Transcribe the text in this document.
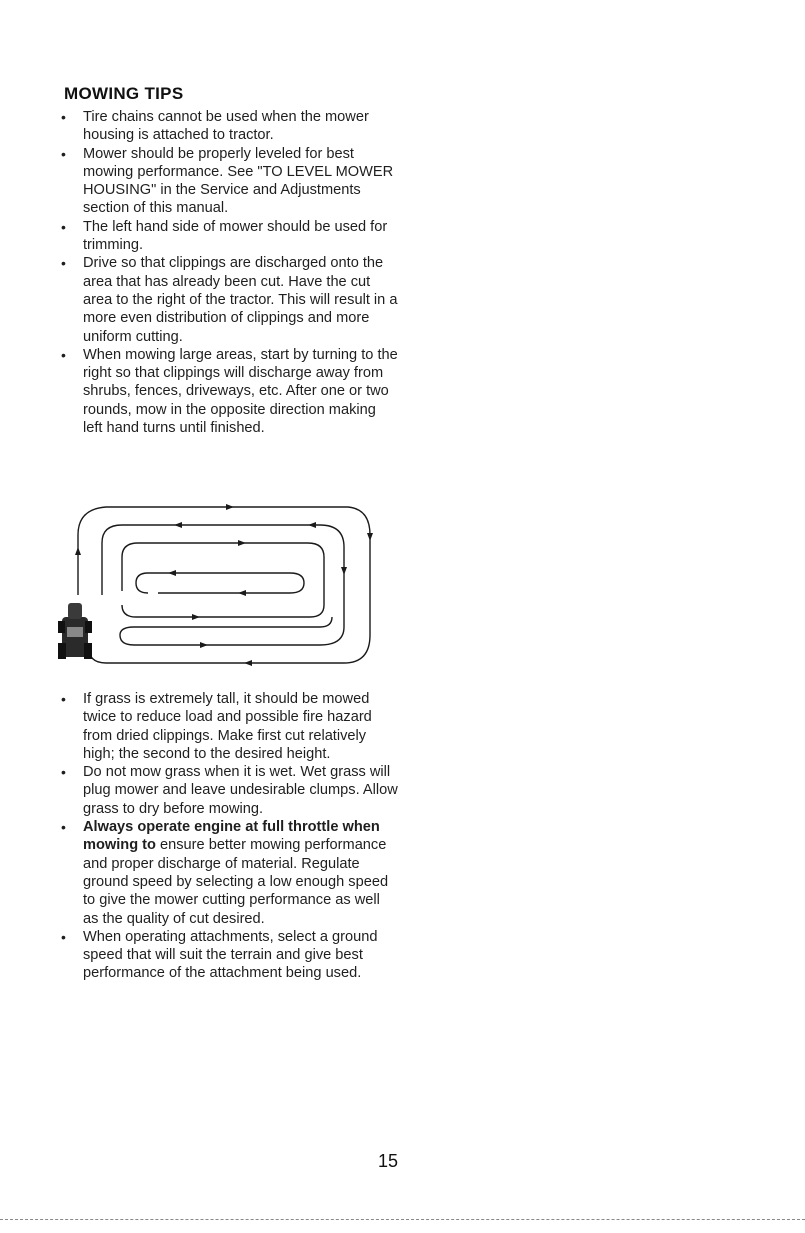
MOWING TIPS
• Tire chains cannot be used when the mower housing is attached to tractor.
• Mower should be properly leveled for best mowing performance. See "TO LEVEL MOWER HOUSING" in the Service and Adjustments section of this manual.
• The left hand side of mower should be used for trimming.
• Drive so that clippings are discharged onto the area that has already been cut. Have the cut area to the right of the tractor. This will result in a more even distribution of clippings and more uniform cutting.
• When mowing large areas, start by turning to the right so that clippings will discharge away from shrubs, fences, driveways, etc. After one or two rounds, mow in the opposite direction making left hand turns until finished.
• If grass is extremely tall, it should be mowed twice to reduce load and possible fire hazard from dried clippings. Make first cut relatively high; the second to the desired height.
• Do not mow grass when it is wet. Wet grass will plug mower and leave undesirable clumps. Allow grass to dry before mowing.
• Always operate engine at full throttle when mowing to ensure better mowing performance and proper discharge of material. Regulate ground speed by selecting a low enough speed to give the mower cutting performance as well as the quality of cut desired.
• When operating attachments, select a ground speed that will suit the terrain and give best performance of the attachment being used.
15
